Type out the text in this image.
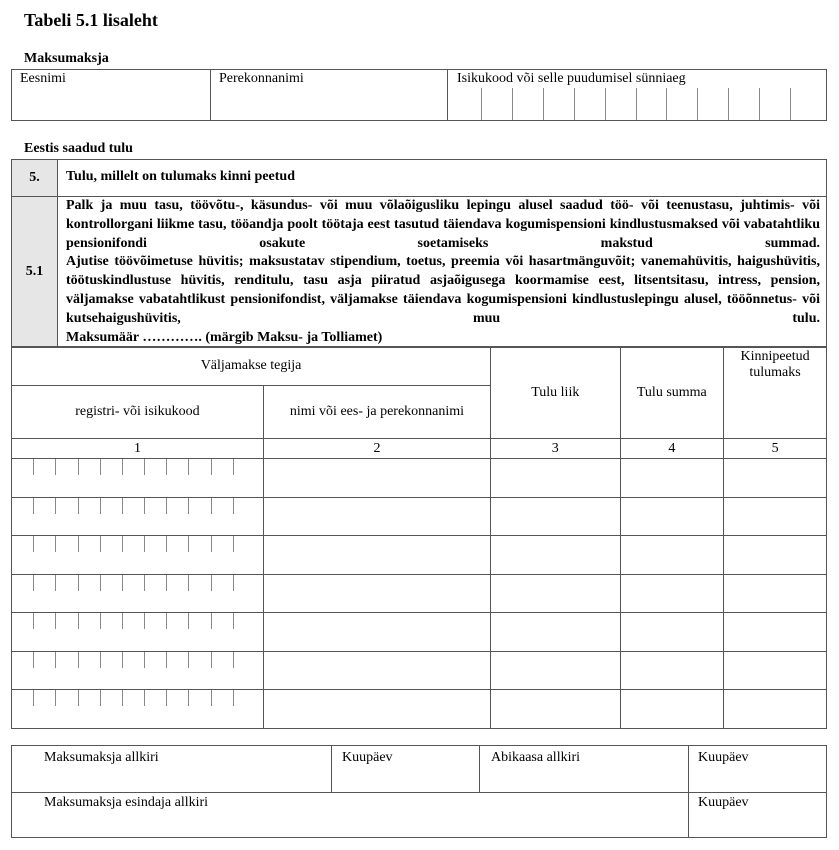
Tabeli 5.1 lisaleht
Maksumaksja
Eesnimi	Perekonnanimi	Isikukood või selle puudumisel sünniaeg
Eestis saadud tulu
5.	Tulu, millelt on tulumaks kinni peetud
5.1	Palk ja muu tasu, töövõtu-, käsundus- või muu võlaõigusliku lepingu alusel saadud töö- või teenustasu, juhtimis- või kontrollorgani liikme tasu, tööandja poolt töötaja eest tasutud täiendava kogumispensioni kindlustusmaksed või vabatahtliku pensionifondi osakute soetamiseks makstud summad.
Ajutise töövõimetuse hüvitis; maksustatav stipendium, toetus, preemia või hasartmänguvõit; vanemahüvitis, haigushüvitis, töötuskindlustuse hüvitis, renditulu, tasu asja piiratud asjaõigusega koormamise eest, litsentsitasu, intress, pension, väljamakse vabatahtlikust pensionifondist, väljamakse täiendava kogumispensioni kindlustuslepingu alusel, tööõnnetus- või kutsehaigushüvitis, muu tulu.
Maksumäär …………. (märgib Maksu- ja Tolliamet)
Väljamakse tegija		Tulu liik	Tulu summa	Kinnipeetud tulumaks
registri- või isikukood	nimi või ees- ja perekonnanimi			
1	2	3	4	5

Maksumaksja allkiri	Kuupäev	Abikaasa allkiri	Kuupäev
Maksumaksja esindaja allkiri			Kuupäev
